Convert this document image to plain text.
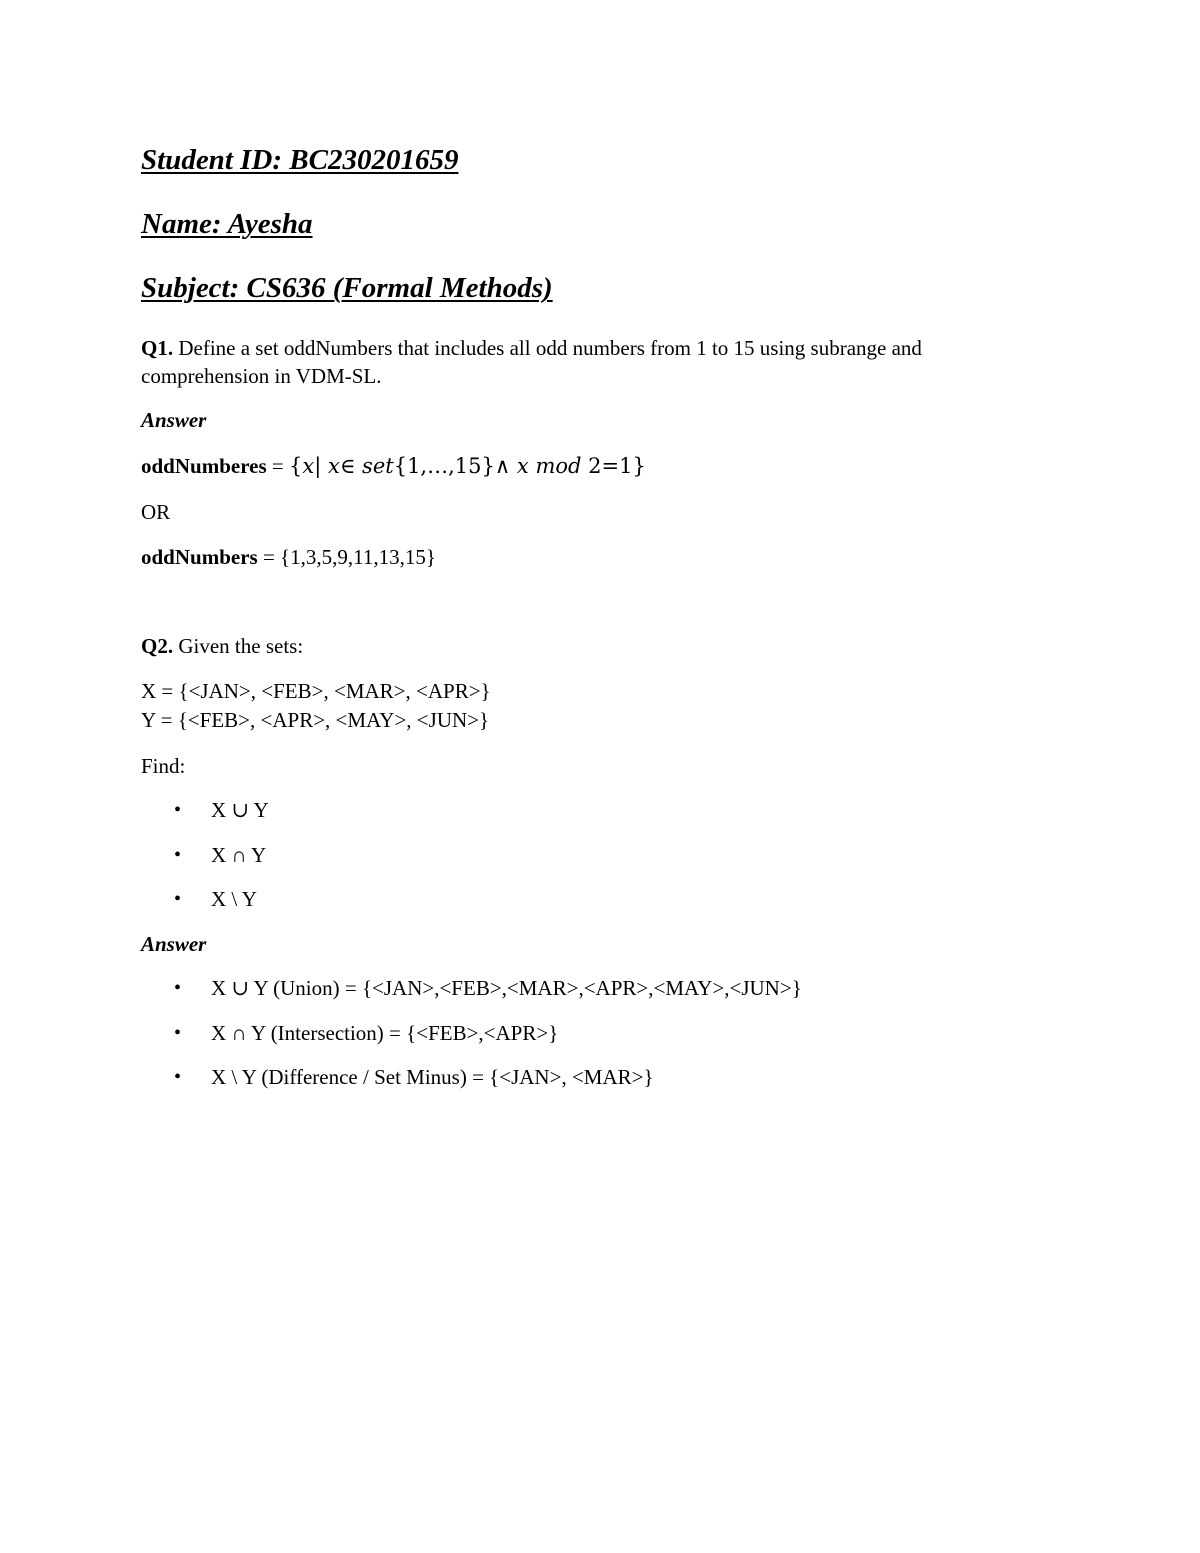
Student ID: BC230201659
Name: Ayesha
Subject: CS636 (Formal Methods)
Q1. Define a set oddNumbers that includes all odd numbers from 1 to 15 using subrange and comprehension in VDM-SL.
Answer
oddNumberes = {x| x∈ set{1,…,15}∧ x mod 2=1}
OR
oddNumbers = {1,3,5,9,11,13,15}
Q2. Given the sets:
X = {<JAN>, <FEB>, <MAR>, <APR>}
Y = {<FEB>, <APR>, <MAY>, <JUN>}
Find:
• X ∪ Y
• X ∩ Y
• X \ Y
Answer
• X ∪ Y (Union) = {<JAN>,<FEB>,<MAR>,<APR>,<MAY>,<JUN>}
• X ∩ Y (Intersection) = {<FEB>,<APR>}
• X \ Y (Difference / Set Minus) = {<JAN>, <MAR>}
